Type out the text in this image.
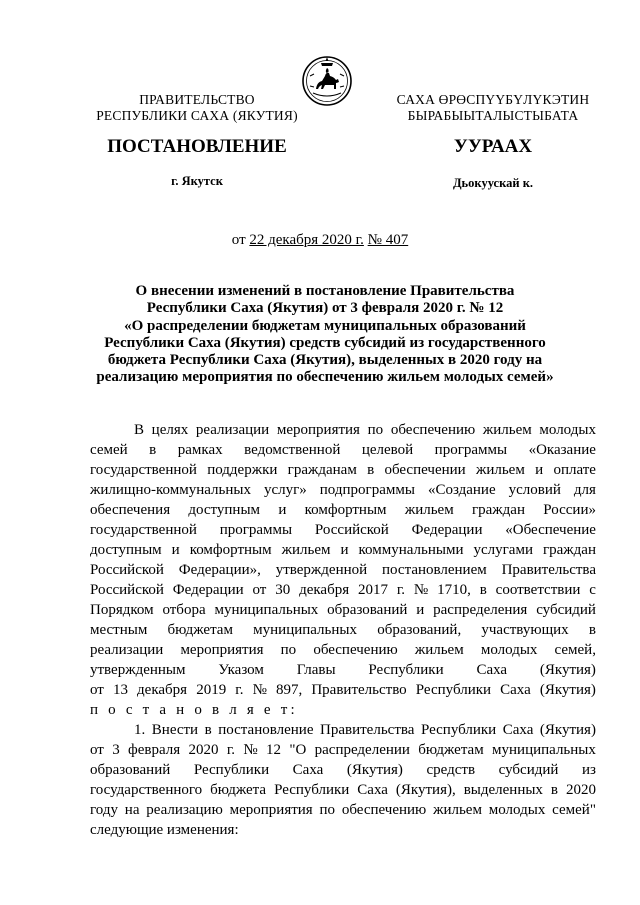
ПРАВИТЕЛЬСТВО
РЕСПУБЛИКИ САХА (ЯКУТИЯ)
САХА ӨРӨСПҮҮБҮЛҮКЭТИН
БЫРАБЫЫТАЛЫСТЫБАТА
ПОСТАНОВЛЕНИЕ	УУРААХ
г. Якутск	Дьокуускай к.
от 22 декабря 2020 г. № 407
О внесении изменений в постановление Правительства
Республики Саха (Якутия) от 3 февраля 2020 г. № 12
«О распределении бюджетам муниципальных образований
Республики Саха (Якутия) средств субсидий из государственного
бюджета Республики Саха (Якутия), выделенных в 2020 году на
реализацию мероприятия по обеспечению жильем молодых семей»
В целях реализации мероприятия по обеспечению жильем молодых
семей в рамках ведомственной целевой программы «Оказание
государственной поддержки гражданам в обеспечении жильем и оплате
жилищно-коммунальных услуг» подпрограммы «Создание условий для
обеспечения доступным и комфортным жильем граждан России»
государственной программы Российской Федерации «Обеспечение
доступным и комфортным жильем и коммунальными услугами граждан
Российской Федерации», утвержденной постановлением Правительства
Российской Федерации от 30 декабря 2017 г. № 1710, в соответствии с
Порядком отбора муниципальных образований и распределения субсидий
местным бюджетам муниципальных образований, участвующих в
реализации мероприятия по обеспечению жильем молодых семей,
утвержденным Указом Главы Республики Саха (Якутия)
от 13 декабря 2019 г. № 897, Правительство Республики Саха (Якутия)
п о с т а н о в л я е т:
1. Внести в постановление Правительства Республики Саха (Якутия)
от 3 февраля 2020 г. № 12 "О распределении бюджетам муниципальных
образований Республики Саха (Якутия) средств субсидий из
государственного бюджета Республики Саха (Якутия), выделенных в 2020
году на реализацию мероприятия по обеспечению жильем молодых семей"
следующие изменения:
